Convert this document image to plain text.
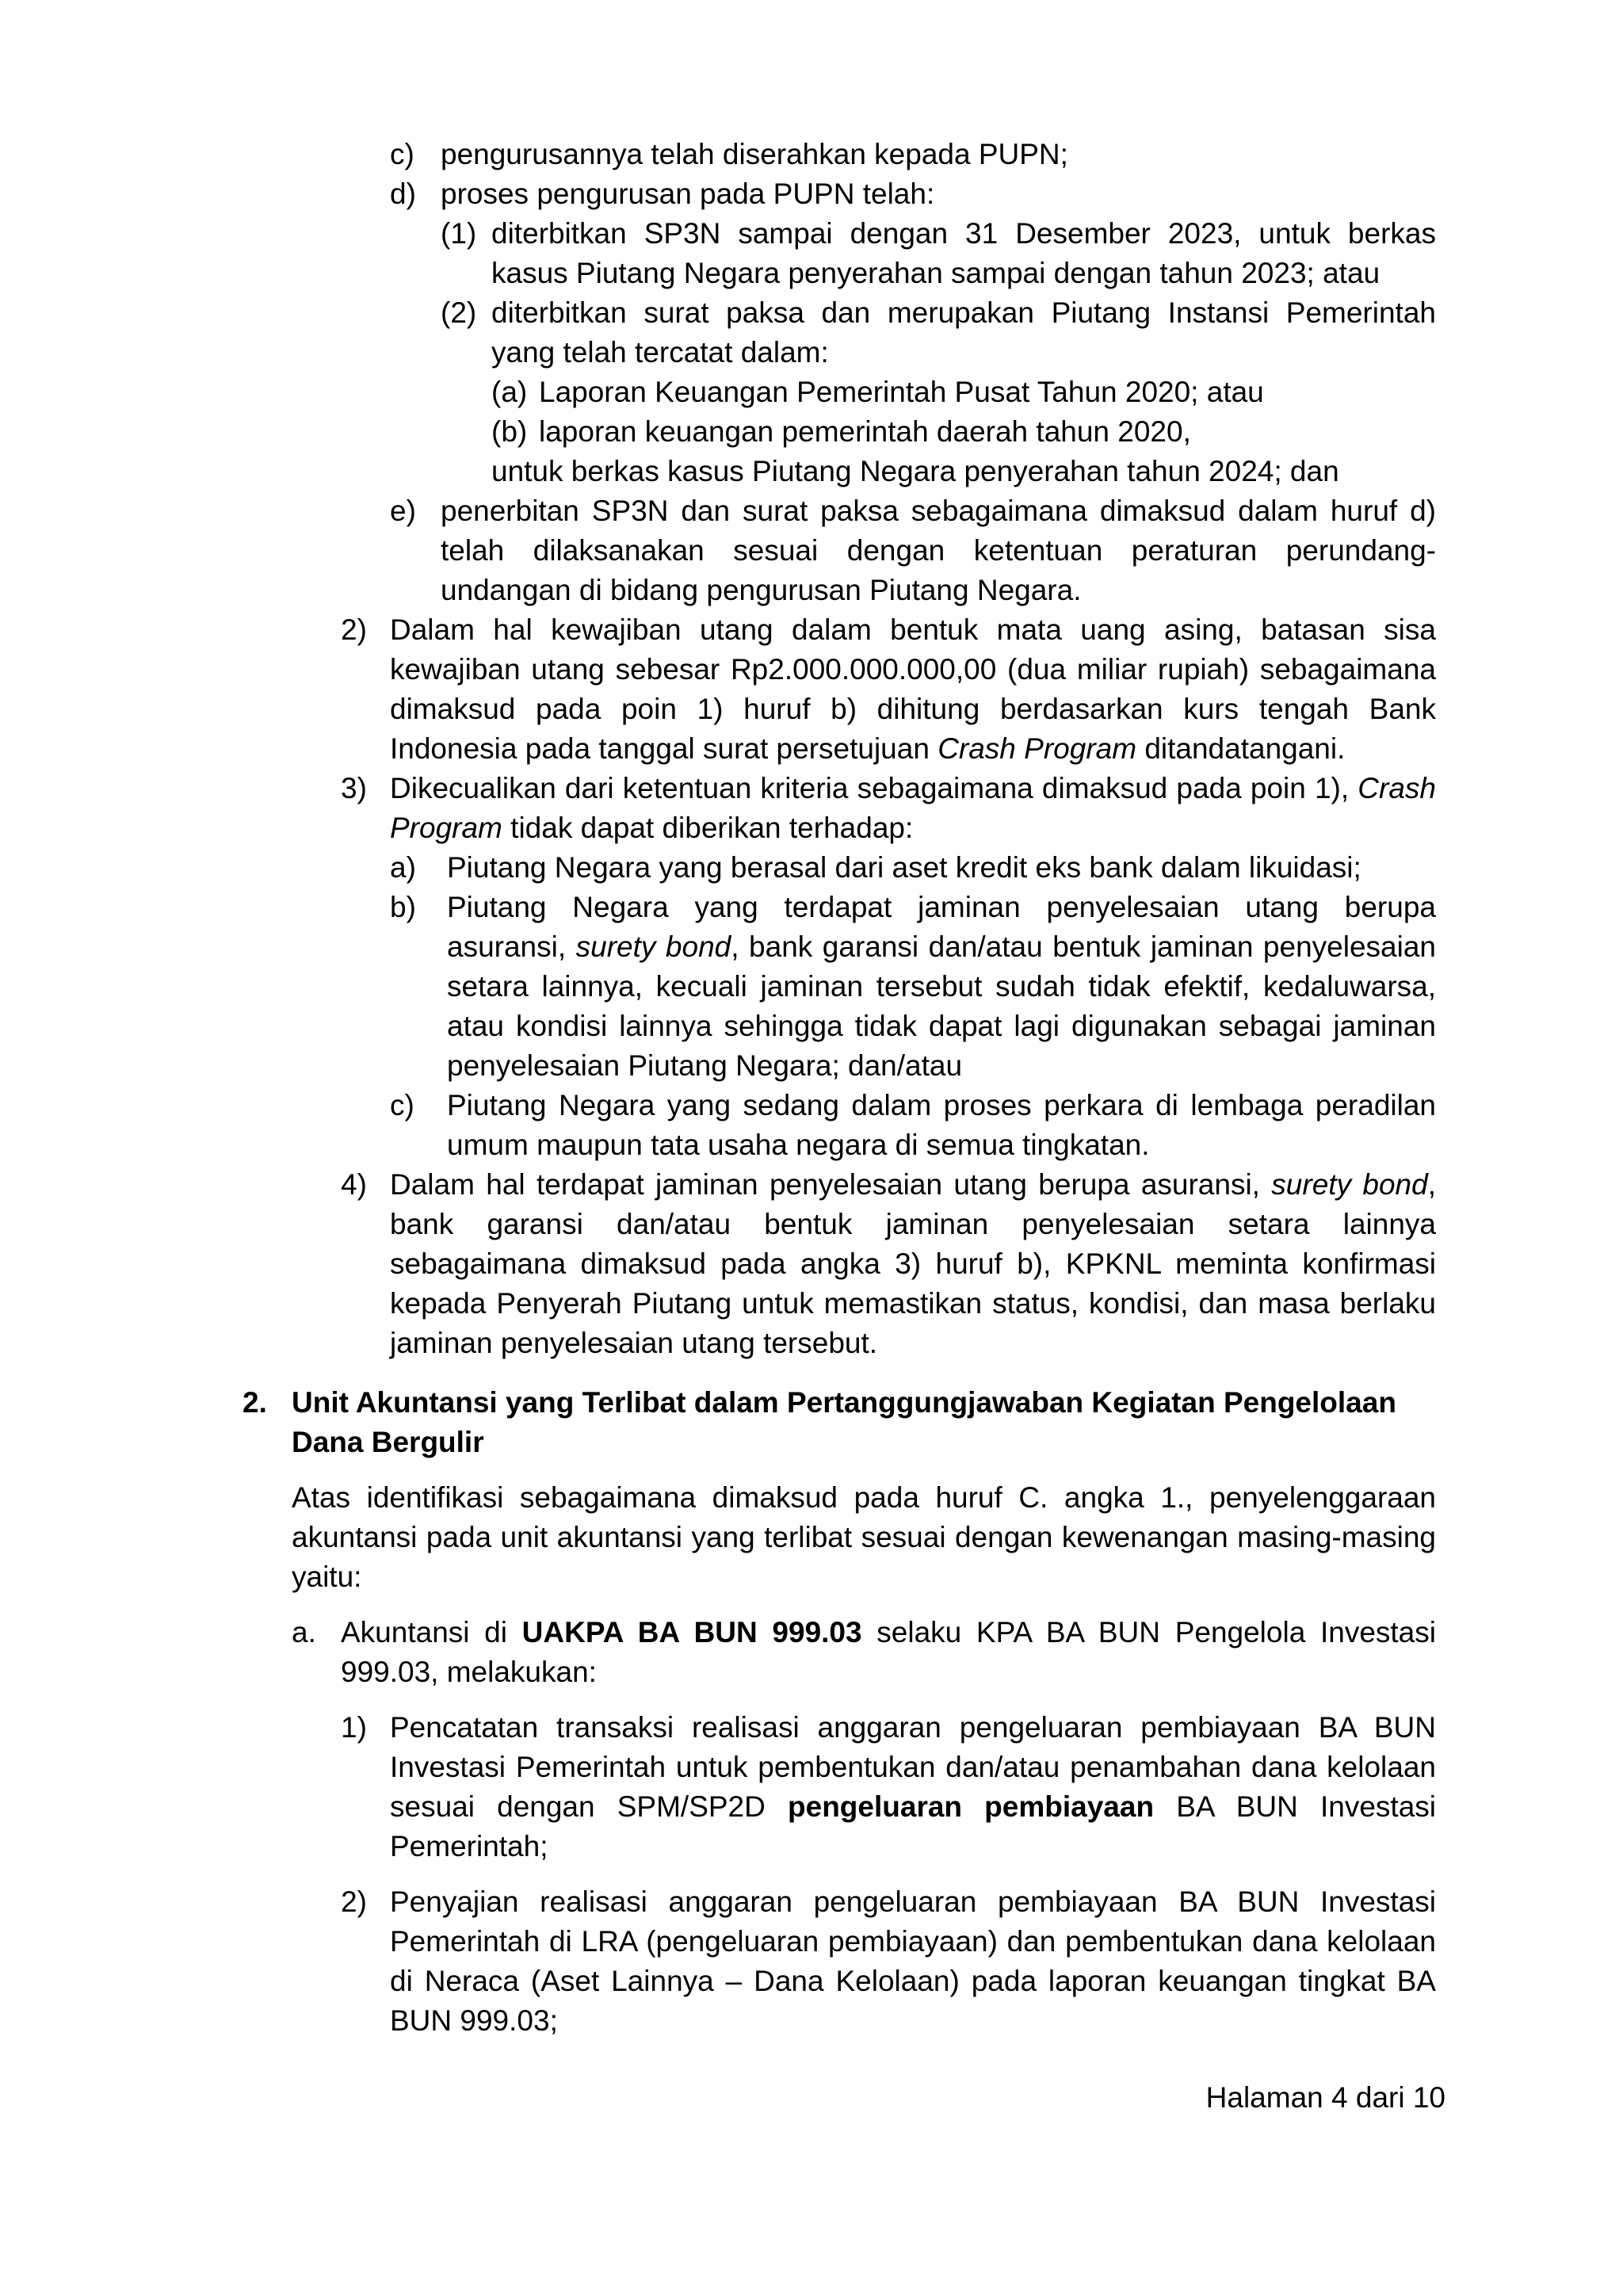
c) pengurusannya telah diserahkan kepada PUPN;
d) proses pengurusan pada PUPN telah:
(1) diterbitkan SP3N sampai dengan 31 Desember 2023, untuk berkas kasus Piutang Negara penyerahan sampai dengan tahun 2023; atau
(2) diterbitkan surat paksa dan merupakan Piutang Instansi Pemerintah yang telah tercatat dalam:
(a) Laporan Keuangan Pemerintah Pusat Tahun 2020; atau
(b) laporan keuangan pemerintah daerah tahun 2020,
untuk berkas kasus Piutang Negara penyerahan tahun 2024; dan
e) penerbitan SP3N dan surat paksa sebagaimana dimaksud dalam huruf d) telah dilaksanakan sesuai dengan ketentuan peraturan perundang-undangan di bidang pengurusan Piutang Negara.
2) Dalam hal kewajiban utang dalam bentuk mata uang asing, batasan sisa kewajiban utang sebesar Rp2.000.000.000,00 (dua miliar rupiah) sebagaimana dimaksud pada poin 1) huruf b) dihitung berdasarkan kurs tengah Bank Indonesia pada tanggal surat persetujuan Crash Program ditandatangani.
3) Dikecualikan dari ketentuan kriteria sebagaimana dimaksud pada poin 1), Crash Program tidak dapat diberikan terhadap:
a)	Piutang Negara yang berasal dari aset kredit eks bank dalam likuidasi;
b)	Piutang Negara yang terdapat jaminan penyelesaian utang berupa asuransi, surety bond, bank garansi dan/atau bentuk jaminan penyelesaian setara lainnya, kecuali jaminan tersebut sudah tidak efektif, kedaluwarsa, atau kondisi lainnya sehingga tidak dapat lagi digunakan sebagai jaminan penyelesaian Piutang Negara; dan/atau
c)	Piutang Negara yang sedang dalam proses perkara di lembaga peradilan umum maupun tata usaha negara di semua tingkatan.
4) Dalam hal terdapat jaminan penyelesaian utang berupa asuransi, surety bond, bank garansi dan/atau bentuk jaminan penyelesaian setara lainnya sebagaimana dimaksud pada angka 3) huruf b), KPKNL meminta konfirmasi kepada Penyerah Piutang untuk memastikan status, kondisi, dan masa berlaku jaminan penyelesaian utang tersebut.
2. Unit Akuntansi yang Terlibat dalam Pertanggungjawaban Kegiatan Pengelolaan Dana Bergulir
Atas identifikasi sebagaimana dimaksud pada huruf C. angka 1., penyelenggaraan akuntansi pada unit akuntansi yang terlibat sesuai dengan kewenangan masing-masing yaitu:
a. Akuntansi di UAKPA BA BUN 999.03 selaku KPA BA BUN Pengelola Investasi 999.03, melakukan:
1) Pencatatan transaksi realisasi anggaran pengeluaran pembiayaan BA BUN Investasi Pemerintah untuk pembentukan dan/atau penambahan dana kelolaan sesuai dengan SPM/SP2D pengeluaran pembiayaan BA BUN Investasi Pemerintah;
2) Penyajian realisasi anggaran pengeluaran pembiayaan BA BUN Investasi Pemerintah di LRA (pengeluaran pembiayaan) dan pembentukan dana kelolaan di Neraca (Aset Lainnya – Dana Kelolaan) pada laporan keuangan tingkat BA BUN 999.03;
Halaman 4 dari 10
